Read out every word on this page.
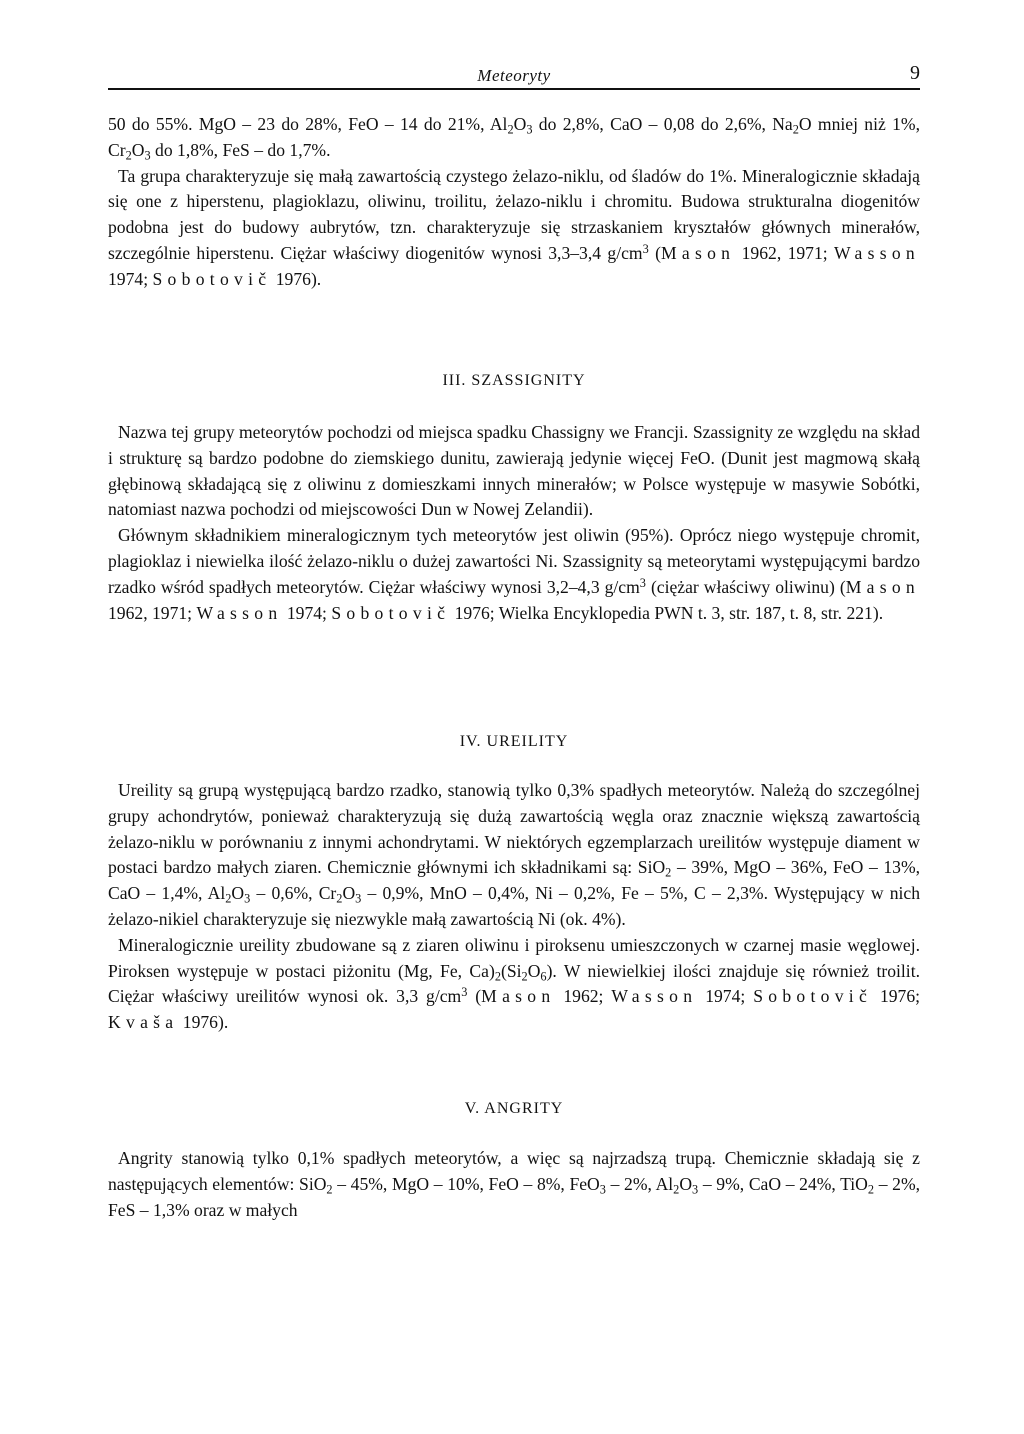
Meteoryty	9

50 do 55%. MgO – 23 do 28%, FeO – 14 do 21%, $Al_2O_3$ do 2,8%, CaO – 0,08 do 2,6%, $Na_2O$ mniej niż 1%, $Cr_2O_3$ do 1,8%, FeS – do 1,7%.

Ta grupa charakteryzuje się małą zawartością czystego żelazo-niklu, od śladów do 1%. Mineralogicznie składają się one z hiperstenu, plagioklazu, oliwinu, troilitu, żelazo-niklu i chromitu. Budowa strukturalna diogenitów podobna jest do budowy aubrytów, tzn. charakteryzuje się strzaskaniem kryształów głównych minerałów, szczególnie hiperstenu. Ciężar właściwy diogenitów wynosi 3,3–3,4 $g/cm^3$ (Mason 1962, 1971; Wasson 1974; Sobotovič 1976).

III. SZASSIGNITY

Nazwa tej grupy meteorytów pochodzi od miejsca spadku Chassigny we Francji. Szassignity ze względu na skład i strukturę są bardzo podobne do ziemskiego dunitu, zawierają jedynie więcej FeO. (Dunit jest magmową skałą głębinową składającą się z oliwinu z domieszkami innych minerałów; w Polsce występuje w masywie Sobótki, natomiast nazwa pochodzi od miejscowości Dun w Nowej Zelandii).

Głównym składnikiem mineralogicznym tych meteorytów jest oliwin (95%). Oprócz niego występuje chromit, plagioklaz i niewielka ilość żelazo-niklu o dużej zawartości Ni. Szassignity są meteorytami występującymi bardzo rzadko wśród spadłych meteorytów. Ciężar właściwy wynosi 3,2–4,3 $g/cm^3$ (ciężar właściwy oliwinu) (Mason 1962, 1971; Wasson 1974; Sobotovič 1976; Wielka Encyklopedia PWN t. 3, str. 187, t. 8, str. 221).

IV. UREILITY

Ureility są grupą występującą bardzo rzadko, stanowią tylko 0,3% spadłych meteorytów. Należą do szczególnej grupy achondrytów, ponieważ charakteryzują się dużą zawartością węgla oraz znacznie większą zawartością żelazo-niklu w porównaniu z innymi achondrytami. W niektórych egzemplarzach ureilitów występuje diament w postaci bardzo małych ziaren. Chemicznie głównymi ich składnikami są: SiO$_2$ – 39%, MgO – 36%, FeO – 13%, CaO – 1,4%, $Al_2O_3 - 0,6\%$, $Cr_2O_3 - 0,9\%$, MnO – 0,4%, Ni – 0,2%, Fe – 5%, C – 2,3%. Występujący w nich żelazo-nikiel charakteryzuje się niezwykle małą zawartością Ni (ok. 4%).

Mineralogicznie ureility zbudowane są z ziaren oliwinu i piroksenu umieszczonych w czarnej masie węglowej. Piroksen występuje w postaci piżonitu (Mg, Fe, $Ca)_2(Si_2O_6)$. W niewielkiej ilości znajduje się również troilit. Ciężar właściwy ureilitów wynosi ok. 3,3 $g/cm^3$ (Mason 1962; Wasson 1974; Sobotovič 1976; Kvaša 1976).

V. ANGRITY

Angrity stanowią tylko 0,1% spadłych meteorytów, a więc są najrzadszą trupą. Chemicznie składają się z następujących elementów: SiO$_2$ – 45%, MgO – 10%, FeO – 8%, FeO$_3$ – 2%, $Al_2O_3 - 9\%$, CaO – 24%, TiO$_2$ – 2%, FeS – 1,3% oraz w małych
